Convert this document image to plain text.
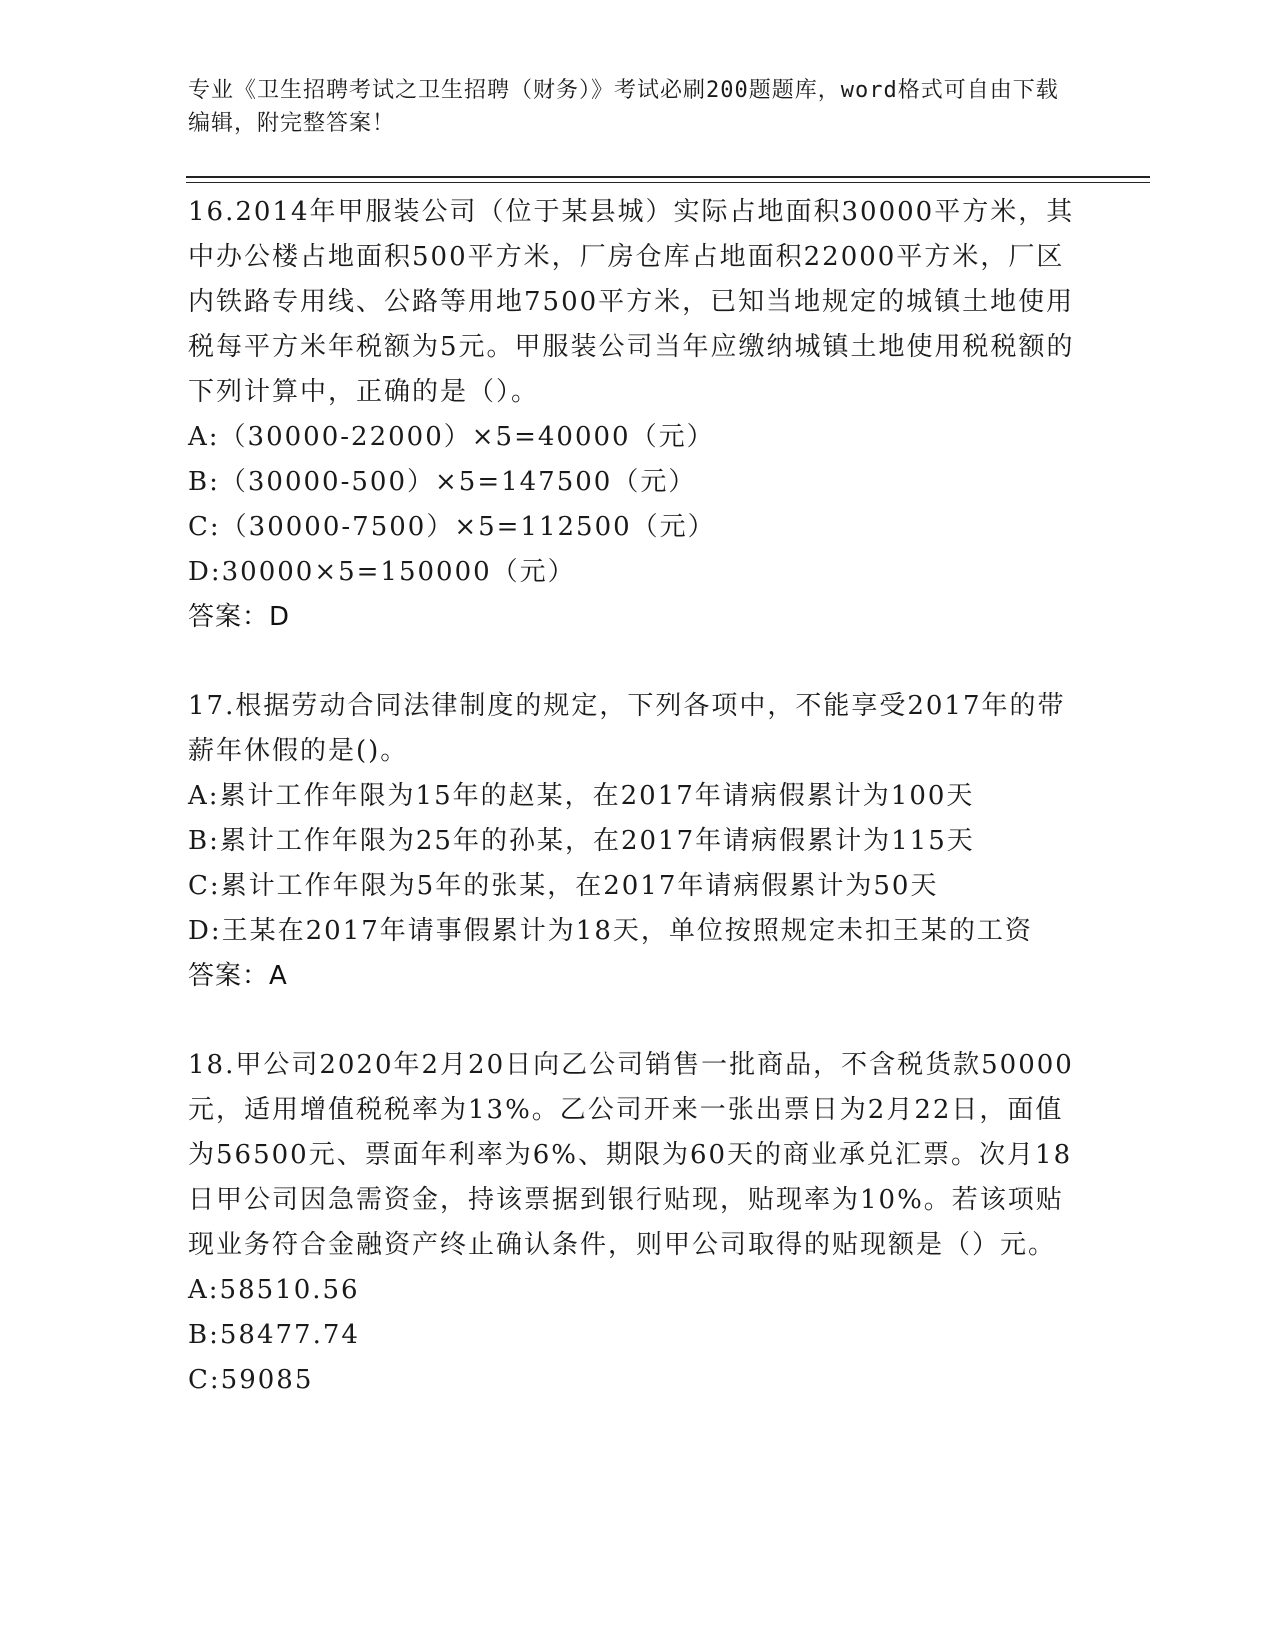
专业《卫生招聘考试之卫生招聘（财务）》考试必刷200题题库，word格式可自由下载编辑，附完整答案！
16.2014年甲服装公司（位于某县城）实际占地面积30000平方米，其中办公楼占地面积500平方米，厂房仓库占地面积22000平方米，厂区内铁路专用线、公路等用地7500平方米，已知当地规定的城镇土地使用税每平方米年税额为5元。甲服装公司当年应缴纳城镇土地使用税税额的下列计算中，正确的是（）。
A:（30000-22000）×5=40000（元）
B:（30000-500）×5=147500（元）
C:（30000-7500）×5=112500（元）
D:30000×5=150000（元）
答案：D
17.根据劳动合同法律制度的规定，下列各项中，不能享受2017年的带薪年休假的是()。
A:累计工作年限为15年的赵某，在2017年请病假累计为100天
B:累计工作年限为25年的孙某，在2017年请病假累计为115天
C:累计工作年限为5年的张某，在2017年请病假累计为50天
D:王某在2017年请事假累计为18天，单位按照规定未扣王某的工资
答案：A
18.甲公司2020年2月20日向乙公司销售一批商品，不含税货款50000元，适用增值税税率为13%。乙公司开来一张出票日为2月22日，面值为56500元、票面年利率为6%、期限为60天的商业承兑汇票。次月18日甲公司因急需资金，持该票据到银行贴现，贴现率为10%。若该项贴现业务符合金融资产终止确认条件，则甲公司取得的贴现额是（）元。
A:58510.56
B:58477.74
C:59085
